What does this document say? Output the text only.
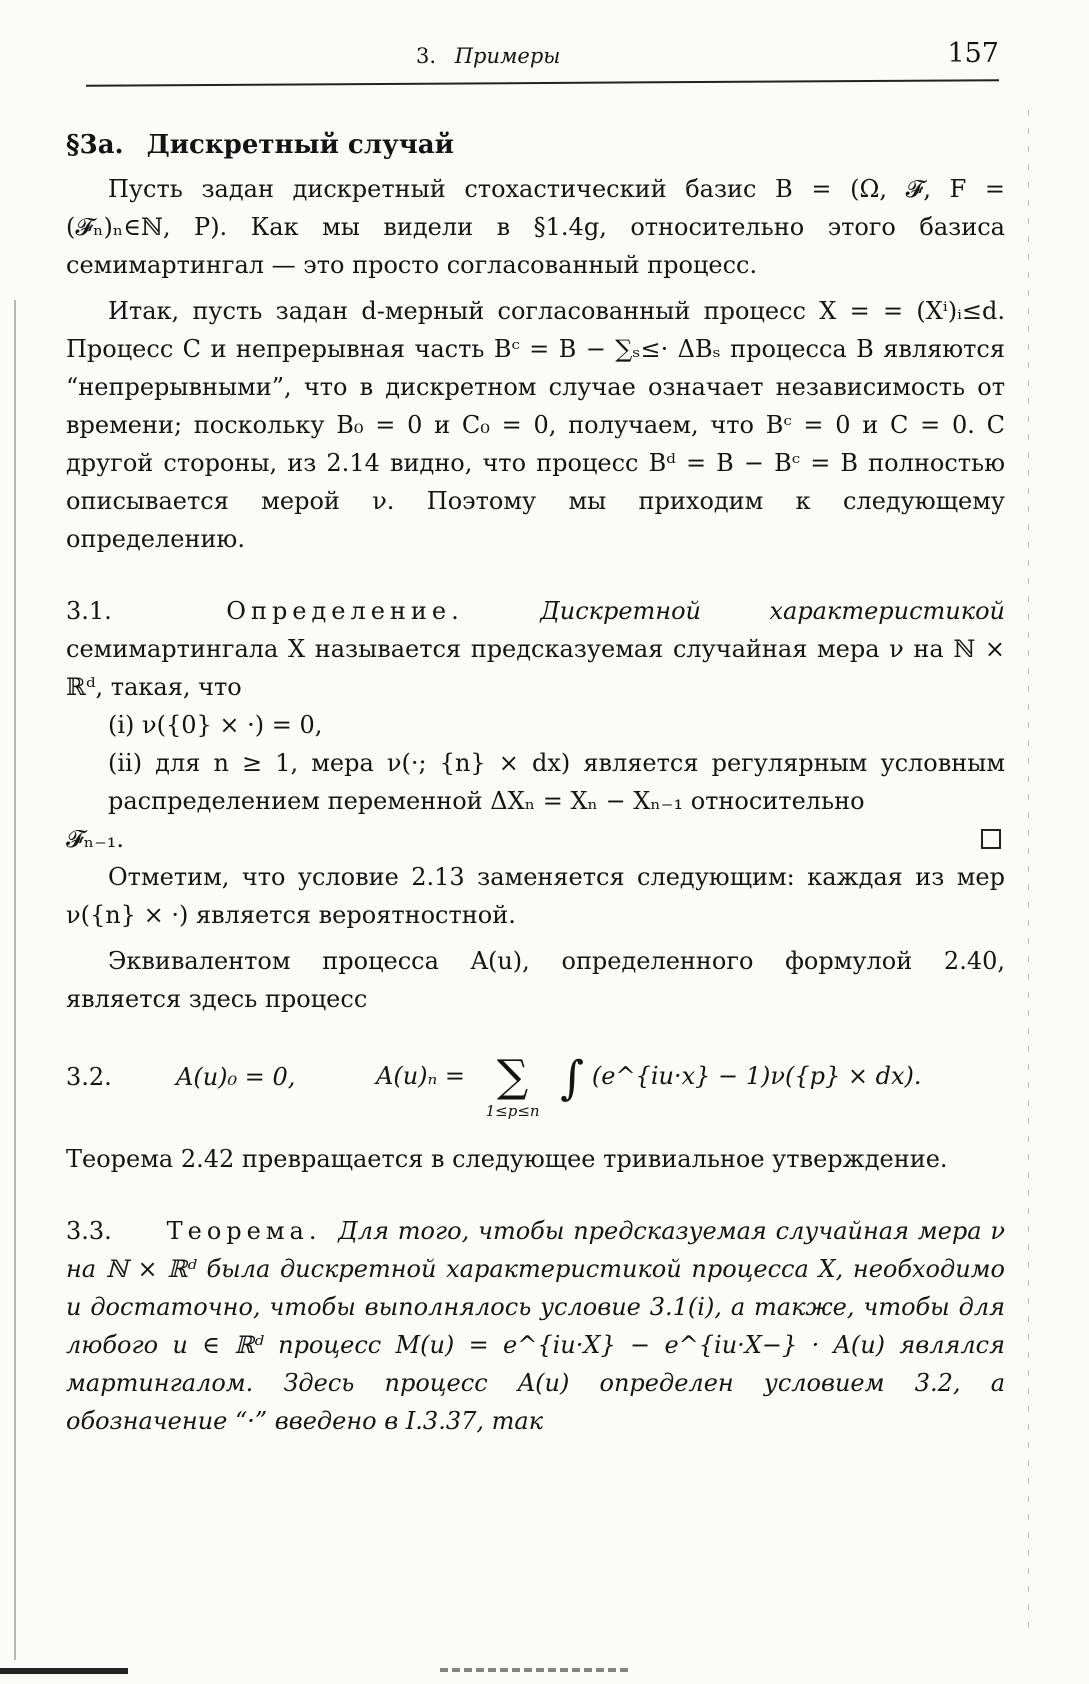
3. Примеры	157
§3a. Дискретный случай

Пусть задан дискретный стохастический базис B = (Ω, 𝓕, F = (𝓕ₙ)ₙ∈ℕ, P). Как мы видели в §1.4g, относительно этого базиса семимартингал — это просто согласованный процесс.

Итак, пусть задан d-мерный согласованный процесс X = = (Xⁱ)ᵢ≤d. Процесс C и непрерывная часть Bᶜ = B − ∑ₛ≤· ΔBₛ процесса B являются “непрерывными”, что в дискретном случае означает независимость от времени; поскольку B₀ = 0 и C₀ = 0, получаем, что Bᶜ = 0 и C = 0. С другой стороны, из 2.14 видно, что процесс Bᵈ = B − Bᶜ = B полностью описывается мерой ν. Поэтому мы приходим к следующему определению.

3.1.	Определение.	Дискретной характеристикой семимартингала X называется предсказуемая случайная мера ν на ℕ × ℝᵈ, такая, что

(i) ν({0} × ·) = 0,

(ii) для n ≥ 1, мера ν(·; {n} × dx) является регулярным условным распределением переменной ΔXₙ = Xₙ − Xₙ₋₁ относительно

𝓕ₙ₋₁.

Отметим, что условие 2.13 заменяется следующим: каждая из мер ν({n} × ·) является вероятностной.

Эквивалентом процесса A(u), определенного формулой 2.40, является здесь процесс

3.2.	A(u)₀ = 0,	A(u)ₙ = ∑
1≤p≤n
∫ (e^{iu·x} − 1)ν({p} × dx).

Теорема 2.42 превращается в следующее тривиальное утверждение.

3.3. Теорема. Для того, чтобы предсказуемая случайная мера ν на ℕ × ℝᵈ была дискретной характеристикой процесса X, необходимо и достаточно, чтобы выполнялось условие 3.1(i), а также, чтобы для любого u ∈ ℝᵈ процесс M(u) = e^{iu·X} − e^{iu·X−} · A(u) являлся мартингалом. Здесь процесс A(u) определен условием 3.2, а обозначение “·” введено в I.3.37, так
